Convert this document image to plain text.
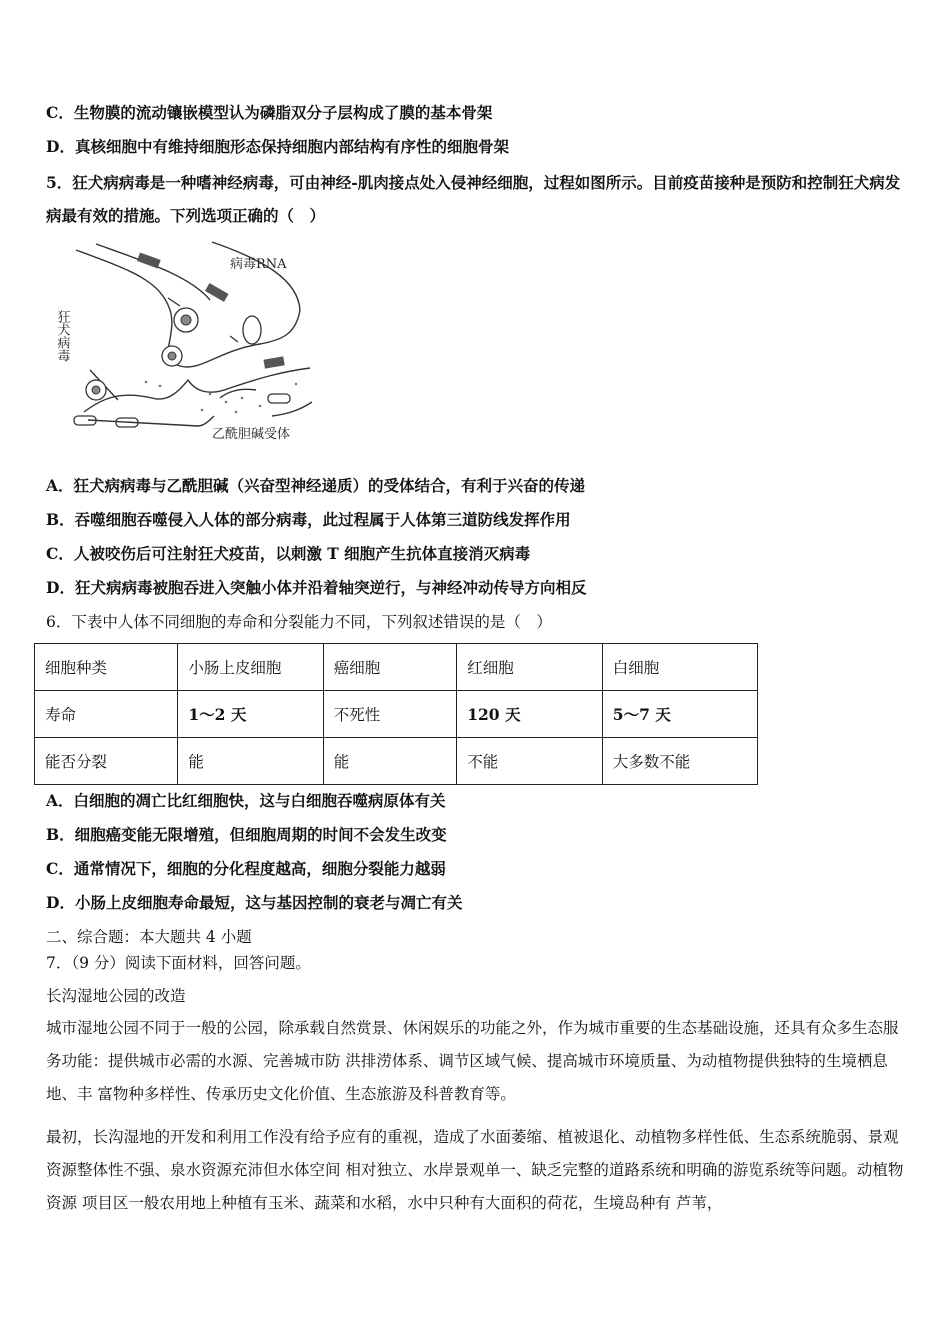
C．生物膜的流动镶嵌模型认为磷脂双分子层构成了膜的基本骨架
D．真核细胞中有维持细胞形态保持细胞内部结构有序性的细胞骨架
5．狂犬病病毒是一种嗜神经病毒，可由神经-肌肉接点处入侵神经细胞，过程如图所示。目前疫苗接种是预防和控制狂犬病发病最有效的措施。下列选项正确的（　）
病毒RNA
狂犬病毒
乙酰胆碱受体
A．狂犬病病毒与乙酰胆碱（兴奋型神经递质）的受体结合，有利于兴奋的传递
B．吞噬细胞吞噬侵入人体的部分病毒，此过程属于人体第三道防线发挥作用
C．人被咬伤后可注射狂犬疫苗，以刺激 T 细胞产生抗体直接消灭病毒
D．狂犬病病毒被胞吞进入突触小体并沿着轴突逆行，与神经冲动传导方向相反
6．下表中人体不同细胞的寿命和分裂能力不同，下列叙述错误的是（　）
细胞种类	小肠上皮细胞	癌细胞	红细胞	白细胞
寿命	1～2 天	不死性	120 天	5～7 天
能否分裂	能	能	不能	大多数不能
A．白细胞的凋亡比红细胞快，这与白细胞吞噬病原体有关
B．细胞癌变能无限增殖，但细胞周期的时间不会发生改变
C．通常情况下，细胞的分化程度越高，细胞分裂能力越弱
D．小肠上皮细胞寿命最短，这与基因控制的衰老与凋亡有关
二、综合题：本大题共 4 小题
7．（9 分）阅读下面材料，回答问题。
长沟湿地公园的改造
城市湿地公园不同于一般的公园，除承载自然赏景、休闲娱乐的功能之外，作为城市重要的生态基础设施，还具有众多生态服务功能：提供城市必需的水源、完善城市防 洪排涝体系、调节区域气候、提高城市环境质量、为动植物提供独特的生境栖息地、丰 富物种多样性、传承历史文化价值、生态旅游及科普教育等。
最初，长沟湿地的开发和利用工作没有给予应有的重视，造成了水面萎缩、植被退化、动植物多样性低、生态系统脆弱、景观资源整体性不强、泉水资源充沛但水体空间 相对独立、水岸景观单一、缺乏完整的道路系统和明确的游览系统等问题。动植物资源 项目区一般农用地上种植有玉米、蔬菜和水稻，水中只种有大面积的荷花，生境岛种有 芦苇，
